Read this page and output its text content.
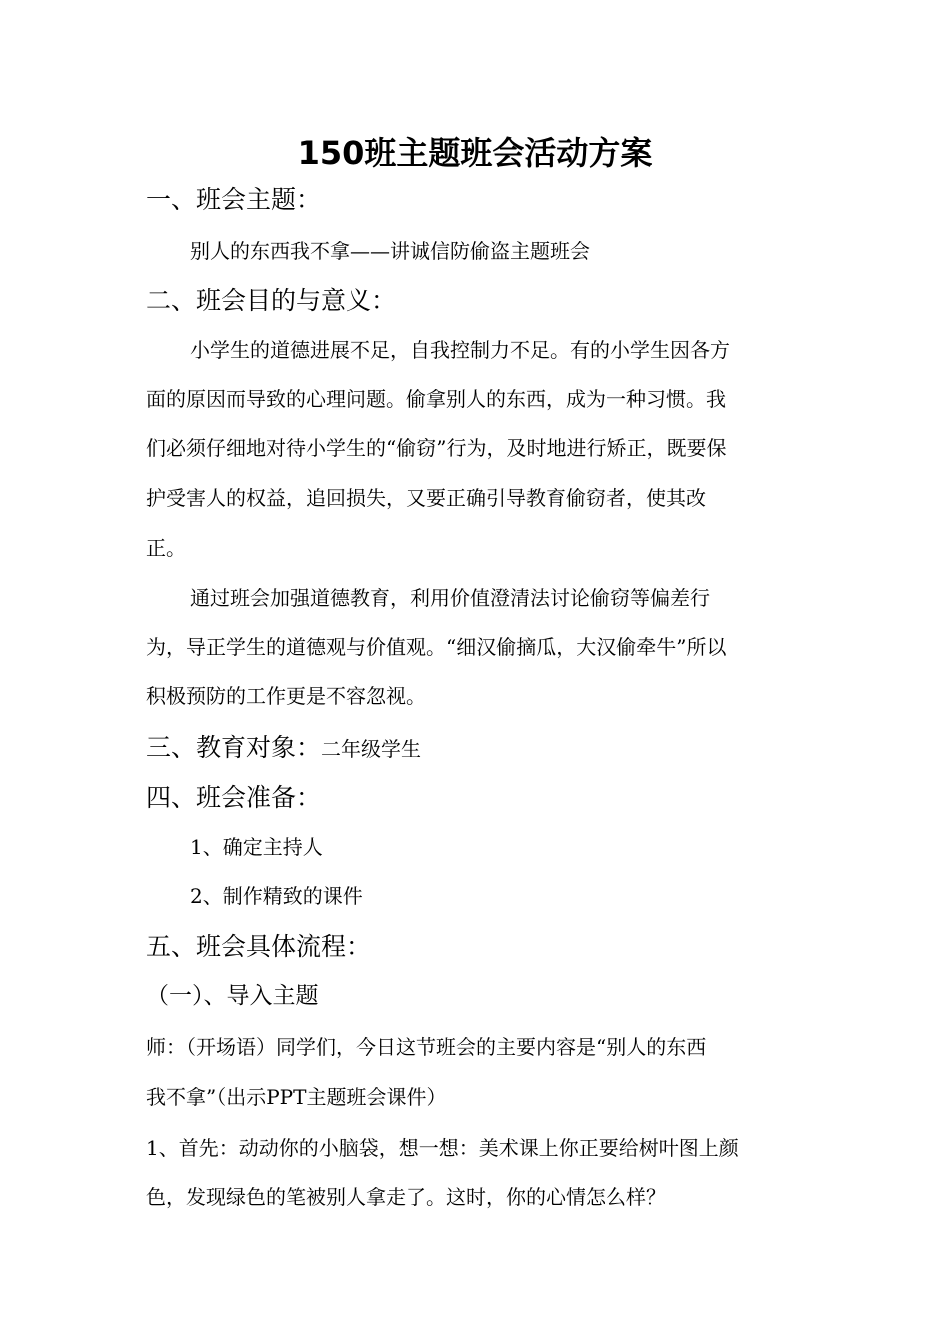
150班主题班会活动方案
一、班会主题：
别人的东西我不拿——讲诚信防偷盗主题班会
二、班会目的与意义：
小学生的道德进展不足，自我控制力不足。有的小学生因各方
面的原因而导致的心理问题。偷拿别人的东西，成为一种习惯。我
们必须仔细地对待小学生的“偷窃”行为，及时地进行矫正，既要保
护受害人的权益，追回损失，又要正确引导教育偷窃者，使其改
正。
通过班会加强道德教育，利用价值澄清法讨论偷窃等偏差行
为，导正学生的道德观与价值观。“细汉偷摘瓜，大汉偷牵牛”所以
积极预防的工作更是不容忽视。
三、教育对象：二年级学生
四、班会准备：
1、确定主持人
2、制作精致的课件
五、班会具体流程：
（一）、导入主题
师：（开场语）同学们，今日这节班会的主要内容是“别人的东西
我不拿”（出示PPT主题班会课件）
1、首先：动动你的小脑袋，想一想：美术课上你正要给树叶图上颜
色，发现绿色的笔被别人拿走了。这时，你的心情怎么样？
